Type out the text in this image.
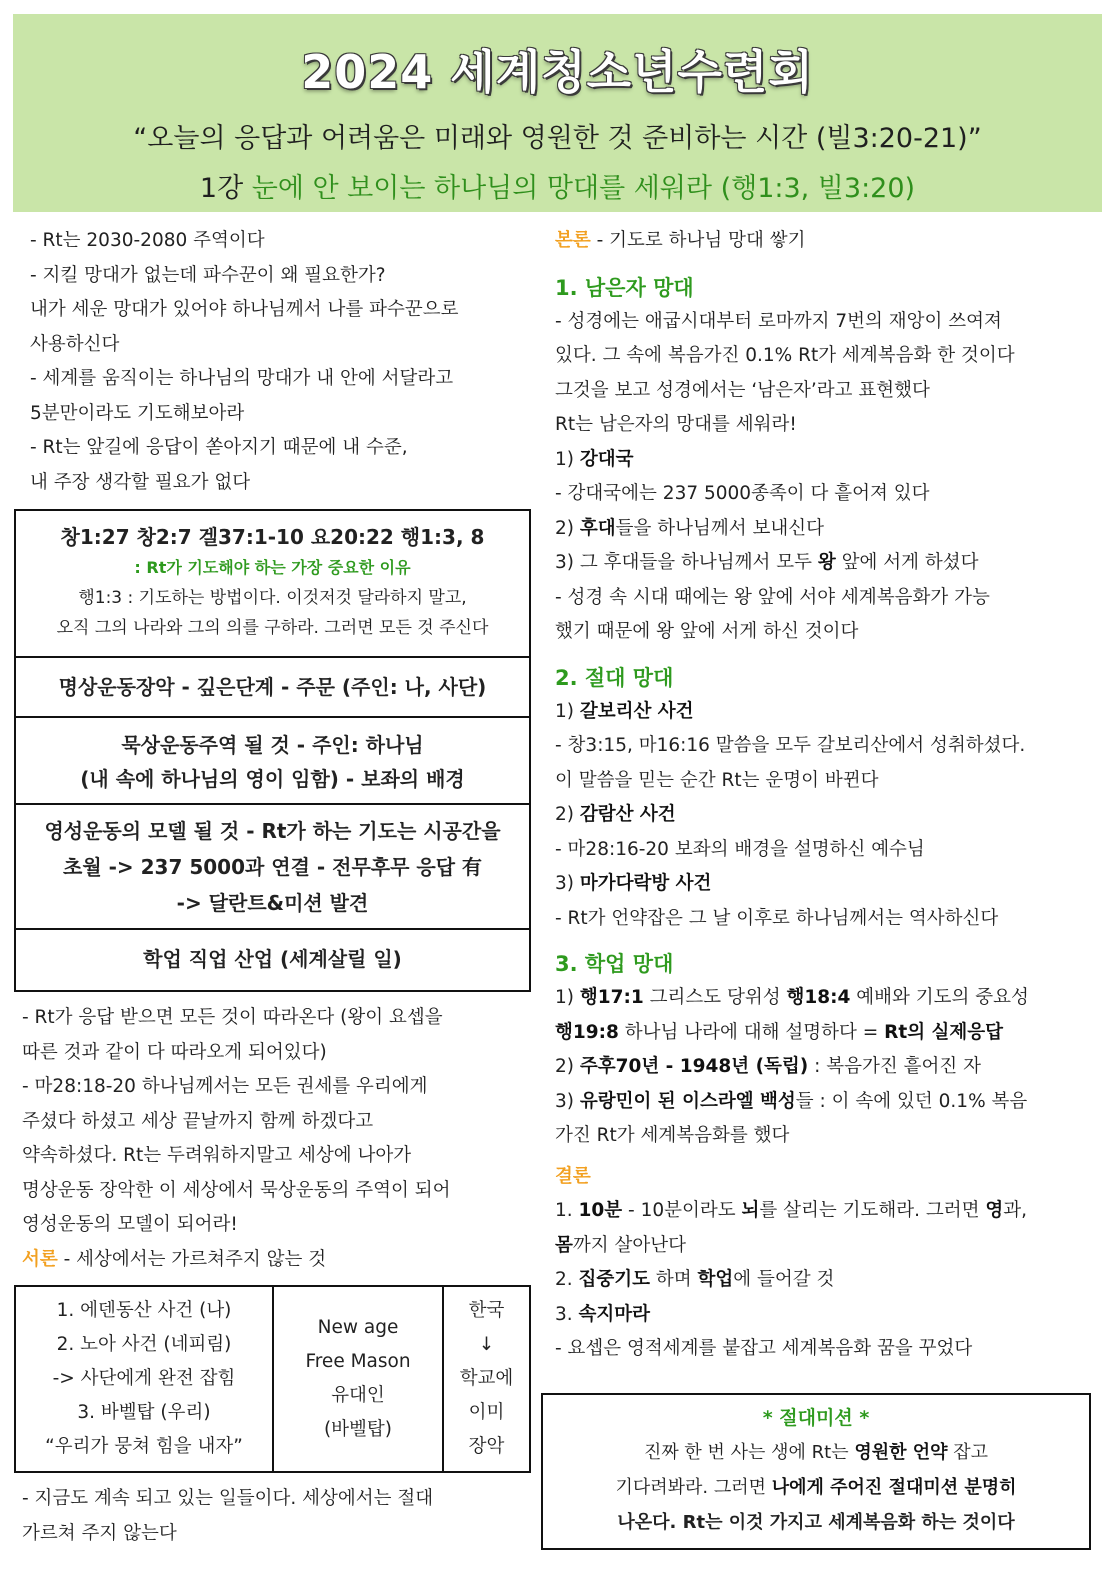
2024 세계청소년수련회
“오늘의 응답과 어려움은 미래와 영원한 것 준비하는 시간 (빌3:20-21)”
1강 눈에 안 보이는 하나님의 망대를 세워라 (행1:3, 빌3:20)
- Rt는 2030-2080 주역이다
- 지킬 망대가 없는데 파수꾼이 왜 필요한가?
내가 세운 망대가 있어야 하나님께서 나를 파수꾼으로
사용하신다
- 세계를 움직이는 하나님의 망대가 내 안에 서달라고
5분만이라도 기도해보아라
- Rt는 앞길에 응답이 쏟아지기 때문에 내 수준,
내 주장 생각할 필요가 없다
창1:27 창2:7 겔37:1-10 요20:22 행1:3, 8
: Rt가 기도해야 하는 가장 중요한 이유
행1:3 : 기도하는 방법이다. 이것저것 달라하지 말고,
오직 그의 나라와 그의 의를 구하라. 그러면 모든 것 주신다
명상운동장악 - 깊은단계 - 주문 (주인: 나, 사단)
묵상운동주역 될 것 - 주인: 하나님
(내 속에 하나님의 영이 임함) - 보좌의 배경
영성운동의 모델 될 것 - Rt가 하는 기도는 시공간을
초월 -> 237 5000과 연결 - 전무후무 응답 有
-> 달란트&미션 발견
학업 직업 산업 (세계살릴 일)
- Rt가 응답 받으면 모든 것이 따라온다 (왕이 요셉을
따른 것과 같이 다 따라오게 되어있다)
- 마28:18-20 하나님께서는 모든 권세를 우리에게
주셨다 하셨고 세상 끝날까지 함께 하겠다고
약속하셨다. Rt는 두려워하지말고 세상에 나아가
명상운동 장악한 이 세상에서 묵상운동의 주역이 되어
영성운동의 모델이 되어라!
서론 - 세상에서는 가르쳐주지 않는 것
1. 에덴동산 사건 (나)
2. 노아 사건 (네피림)
-> 사단에게 완전 잡힘
3. 바벨탑 (우리)
“우리가 뭉쳐 힘을 내자”
New age
Free Mason
유대인
(바벨탑)
한국
↓
학교에
이미
장악
- 지금도 계속 되고 있는 일들이다. 세상에서는 절대
가르쳐 주지 않는다
본론 - 기도로 하나님 망대 쌓기
1. 남은자 망대
- 성경에는 애굽시대부터 로마까지 7번의 재앙이 쓰여져
있다. 그 속에 복음가진 0.1% Rt가 세계복음화 한 것이다
그것을 보고 성경에서는 ‘남은자’라고 표현했다
Rt는 남은자의 망대를 세워라!
1) 강대국
- 강대국에는 237 5000종족이 다 흩어져 있다
2) 후대들을 하나님께서 보내신다
3) 그 후대들을 하나님께서 모두 왕 앞에 서게 하셨다
- 성경 속 시대 때에는 왕 앞에 서야 세계복음화가 가능
했기 때문에 왕 앞에 서게 하신 것이다
2. 절대 망대
1) 갈보리산 사건
- 창3:15, 마16:16 말씀을 모두 갈보리산에서 성취하셨다.
이 말씀을 믿는 순간 Rt는 운명이 바뀐다
2) 감람산 사건
- 마28:16-20 보좌의 배경을 설명하신 예수님
3) 마가다락방 사건
- Rt가 언약잡은 그 날 이후로 하나님께서는 역사하신다
3. 학업 망대
1) 행17:1 그리스도 당위성 행18:4 예배와 기도의 중요성
행19:8 하나님 나라에 대해 설명하다 = Rt의 실제응답
2) 주후70년 - 1948년 (독립) : 복음가진 흩어진 자
3) 유랑민이 된 이스라엘 백성들 : 이 속에 있던 0.1% 복음
가진 Rt가 세계복음화를 했다
결론
1. 10분 - 10분이라도 뇌를 살리는 기도해라. 그러면 영과,
몸까지 살아난다
2. 집중기도 하며 학업에 들어갈 것
3. 속지마라
- 요셉은 영적세계를 붙잡고 세계복음화 꿈을 꾸었다
* 절대미션 *
진짜 한 번 사는 생에 Rt는 영원한 언약 잡고
기다려봐라. 그러면 나에게 주어진 절대미션 분명히
나온다. Rt는 이것 가지고 세계복음화 하는 것이다
